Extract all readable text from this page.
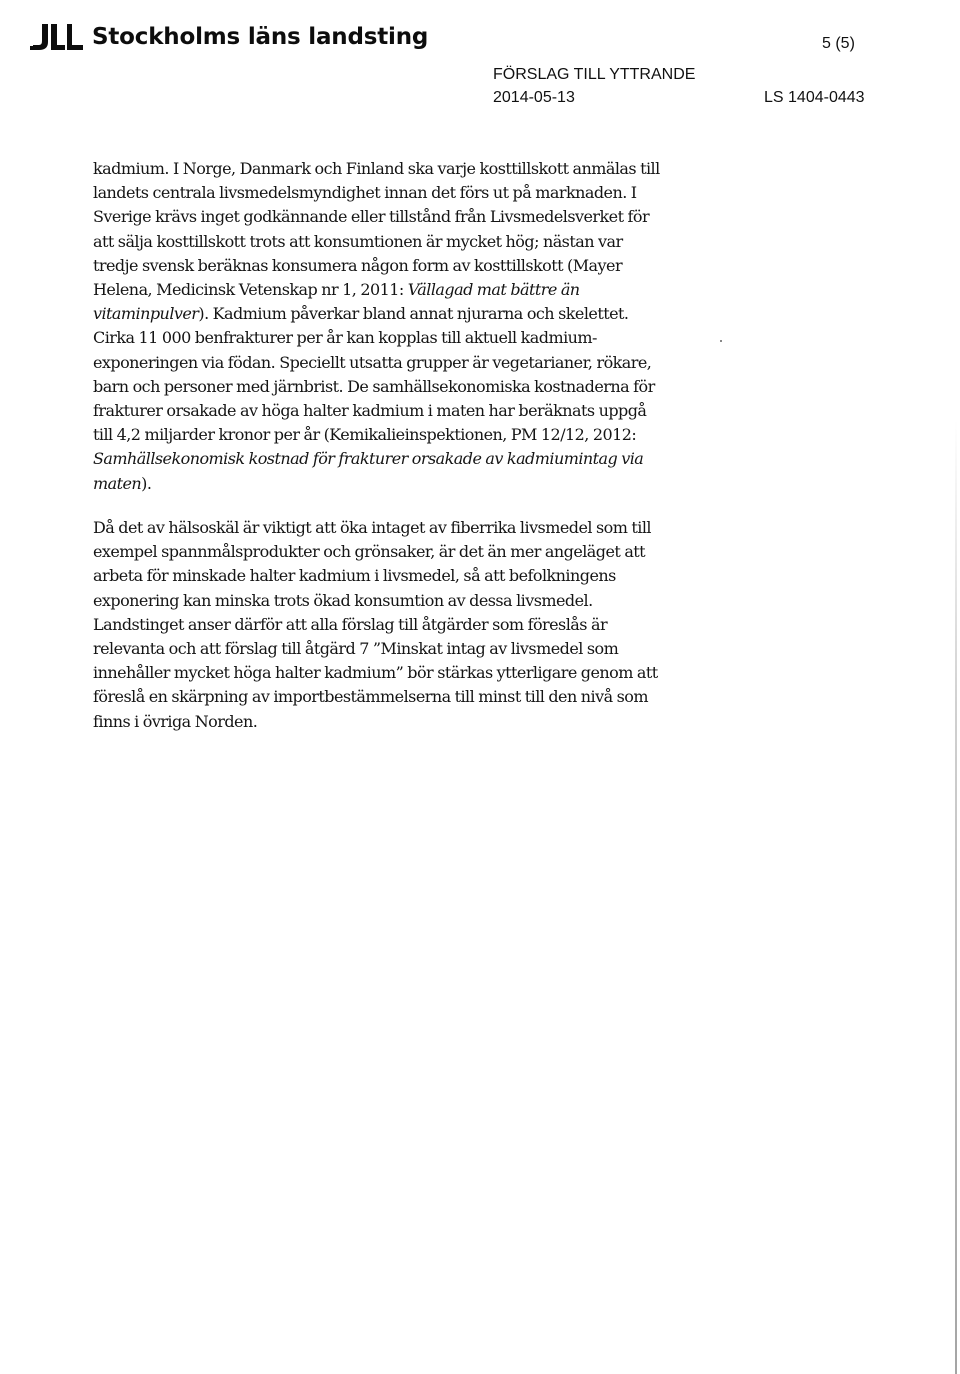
Stockholms läns landsting	5 (5)
FÖRSLAG TILL YTTRANDE
2014-05-13	LS 1404-0443
kadmium. I Norge, Danmark och Finland ska varje kosttillskott anmälas till
landets centrala livsmedelsmyndighet innan det förs ut på marknaden. I
Sverige krävs inget godkännande eller tillstånd från Livsmedelsverket för
att sälja kosttillskott trots att konsumtionen är mycket hög; nästan var
tredje svensk beräknas konsumera någon form av kosttillskott (Mayer
Helena, Medicinsk Vetenskap nr 1, 2011: Vällagad mat bättre än
vitaminpulver). Kadmium påverkar bland annat njurarna och skelettet.
Cirka 11 000 benfrakturer per år kan kopplas till aktuell kadmium-
exponeringen via födan. Speciellt utsatta grupper är vegetarianer, rökare,
barn och personer med järnbrist. De samhällsekonomiska kostnaderna för
frakturer orsakade av höga halter kadmium i maten har beräknats uppgå
till 4,2 miljarder kronor per år (Kemikalieinspektionen, PM 12/12, 2012:
Samhällsekonomisk kostnad för frakturer orsakade av kadmiumintag via
maten).
Då det av hälsoskäl är viktigt att öka intaget av fiberrika livsmedel som till
exempel spannmålsprodukter och grönsaker, är det än mer angeläget att
arbeta för minskade halter kadmium i livsmedel, så att befolkningens
exponering kan minska trots ökad konsumtion av dessa livsmedel.
Landstinget anser därför att alla förslag till åtgärder som föreslås är
relevanta och att förslag till åtgärd 7 ”Minskat intag av livsmedel som
innehåller mycket höga halter kadmium” bör stärkas ytterligare genom att
föreslå en skärpning av importbestämmelserna till minst till den nivå som
finns i övriga Norden.
